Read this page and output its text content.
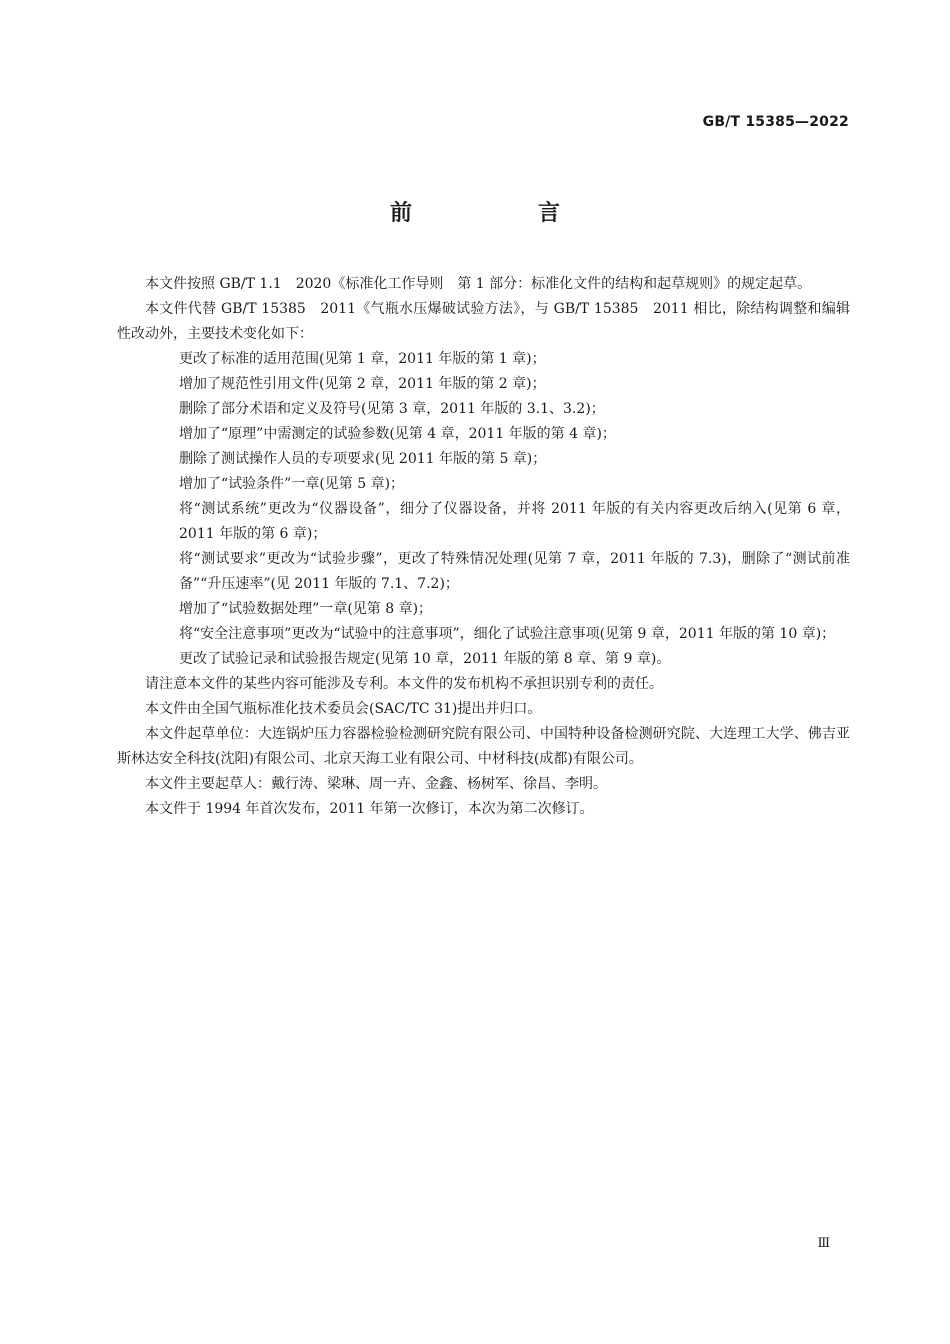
GB/T 15385—2022
前　言

本文件按照 GB/T 1.1　2020《标准化工作导则　第 1 部分：标准化文件的结构和起草规则》的规定起草。

本文件代替 GB/T 15385　2011《气瓶水压爆破试验方法》，与 GB/T 15385　2011 相比，除结构调整和编辑性改动外，主要技术变化如下：

更改了标准的适用范围(见第 1 章，2011 年版的第 1 章)；

增加了规范性引用文件(见第 2 章，2011 年版的第 2 章)；

删除了部分术语和定义及符号(见第 3 章，2011 年版的 3.1、3.2)；

增加了“原理”中需测定的试验参数(见第 4 章，2011 年版的第 4 章)；

删除了测试操作人员的专项要求(见 2011 年版的第 5 章)；

增加了“试验条件”一章(见第 5 章)；

将“测试系统”更改为“仪器设备”，细分了仪器设备，并将 2011 年版的有关内容更改后纳入(见第 6 章，2011 年版的第 6 章)；

将“测试要求”更改为“试验步骤”，更改了特殊情况处理(见第 7 章，2011 年版的 7.3)，删除了“测试前准备”“升压速率”(见 2011 年版的 7.1、7.2)；

增加了“试验数据处理”一章(见第 8 章)；

将“安全注意事项”更改为“试验中的注意事项”，细化了试验注意事项(见第 9 章，2011 年版的第 10 章)；

更改了试验记录和试验报告规定(见第 10 章，2011 年版的第 8 章、第 9 章)。

请注意本文件的某些内容可能涉及专利。本文件的发布机构不承担识别专利的责任。

本文件由全国气瓶标准化技术委员会(SAC/TC 31)提出并归口。

本文件起草单位：大连锅炉压力容器检验检测研究院有限公司、中国特种设备检测研究院、大连理工大学、佛吉亚斯林达安全科技(沈阳)有限公司、北京天海工业有限公司、中材科技(成都)有限公司。

本文件主要起草人：戴行涛、梁琳、周一卉、金鑫、杨树军、徐昌、李明。

本文件于 1994 年首次发布，2011 年第一次修订，本次为第二次修订。

Ⅲ
